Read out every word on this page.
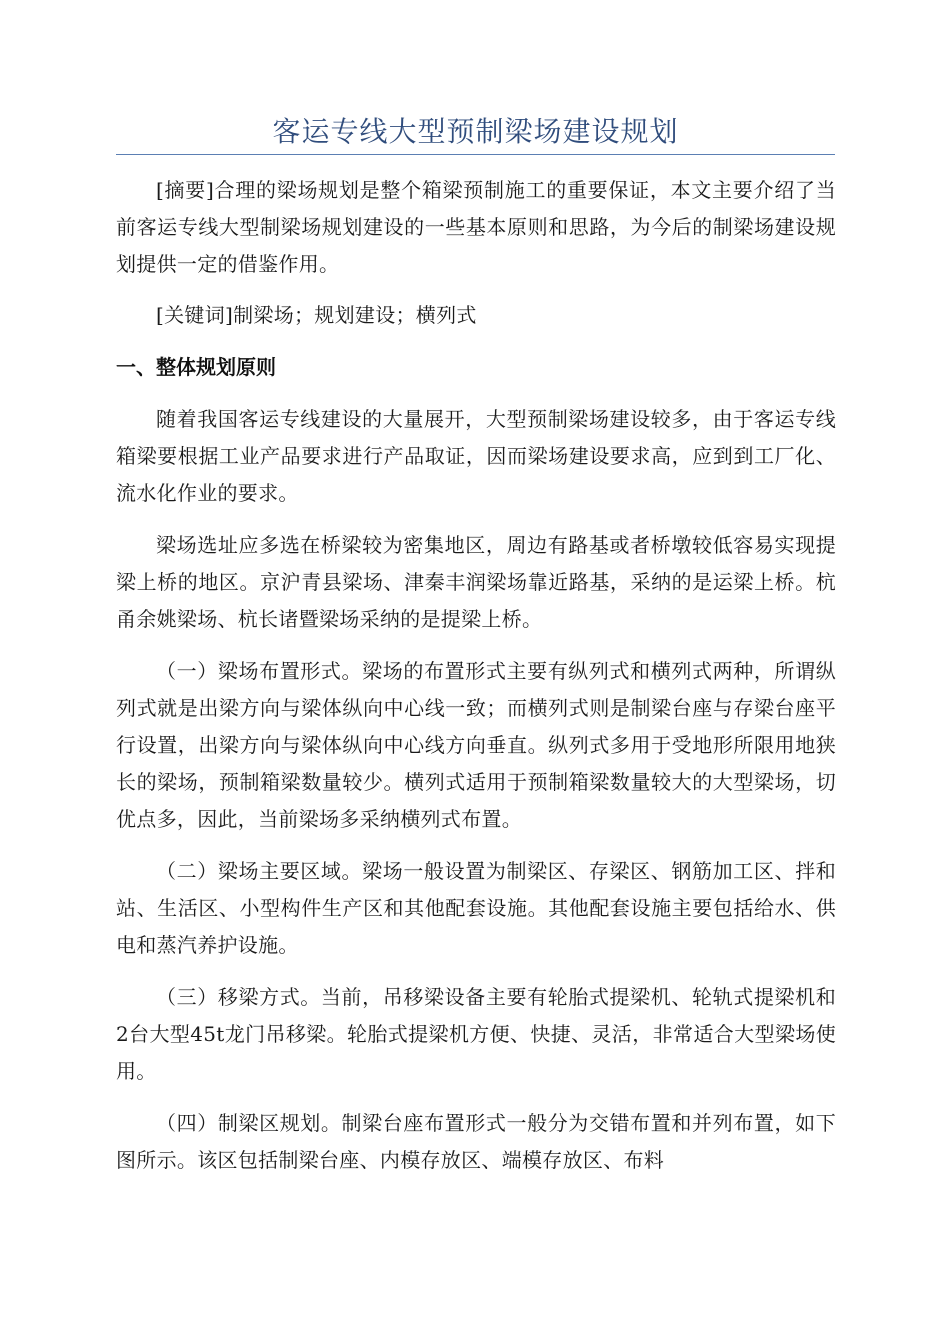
客运专线大型预制梁场建设规划

[摘要]合理的梁场规划是整个箱梁预制施工的重要保证，本文主要介绍了当前客运专线大型制梁场规划建设的一些基本原则和思路，为今后的制梁场建设规划提供一定的借鉴作用。

[关键词]制梁场；规划建设；横列式

一、整体规划原则

随着我国客运专线建设的大量展开，大型预制梁场建设较多，由于客运专线箱梁要根据工业产品要求进行产品取证，因而梁场建设要求高，应到到工厂化、流水化作业的要求。

梁场选址应多选在桥梁较为密集地区，周边有路基或者桥墩较低容易实现提梁上桥的地区。京沪青县梁场、津秦丰润梁场靠近路基，采纳的是运梁上桥。杭甬余姚梁场、杭长诸暨梁场采纳的是提梁上桥。

（一）梁场布置形式。梁场的布置形式主要有纵列式和横列式两种，所谓纵列式就是出梁方向与梁体纵向中心线一致；而横列式则是制梁台座与存梁台座平行设置，出梁方向与梁体纵向中心线方向垂直。纵列式多用于受地形所限用地狭长的梁场，预制箱梁数量较少。横列式适用于预制箱梁数量较大的大型梁场，切优点多，因此，当前梁场多采纳横列式布置。

（二）梁场主要区域。梁场一般设置为制梁区、存梁区、钢筋加工区、拌和站、生活区、小型构件生产区和其他配套设施。其他配套设施主要包括给水、供电和蒸汽养护设施。

（三）移梁方式。当前，吊移梁设备主要有轮胎式提梁机、轮轨式提梁机和2台大型45t龙门吊移梁。轮胎式提梁机方便、快捷、灵活，非常适合大型梁场使用。

（四）制梁区规划。制梁台座布置形式一般分为交错布置和并列布置，如下图所示。该区包括制梁台座、内模存放区、端模存放区、布料
